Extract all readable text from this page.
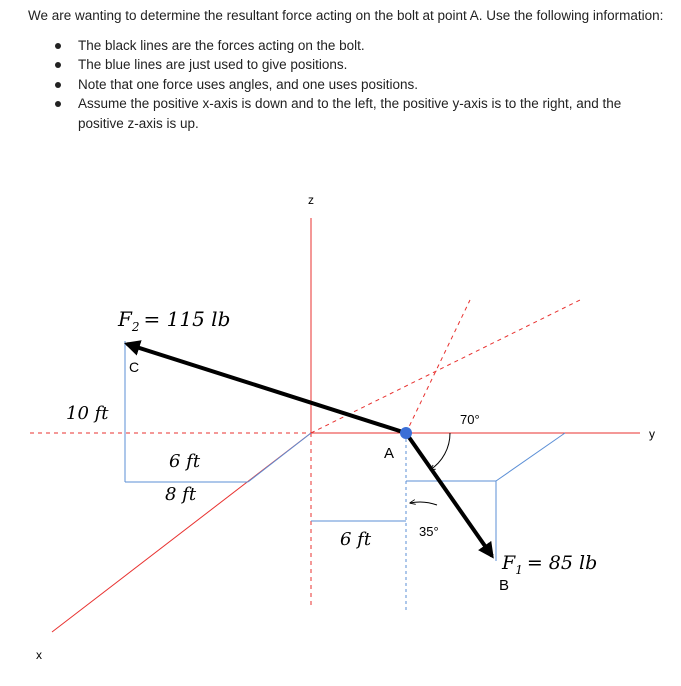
We are wanting to determine the resultant force acting on the bolt at point A. Use the following information:

The black lines are the forces acting on the bolt.
The blue lines are just used to give positions.
Note that one force uses angles, and one uses positions.
Assume the positive x-axis is down and to the left, the positive y-axis is to the right, and the positive z-axis is up.
z
y
x
A
B
C
$F_2 = 115$ lb
$F_1 = 85$ lb
10 ft
6 ft
8 ft
6 ft
70°
35°
